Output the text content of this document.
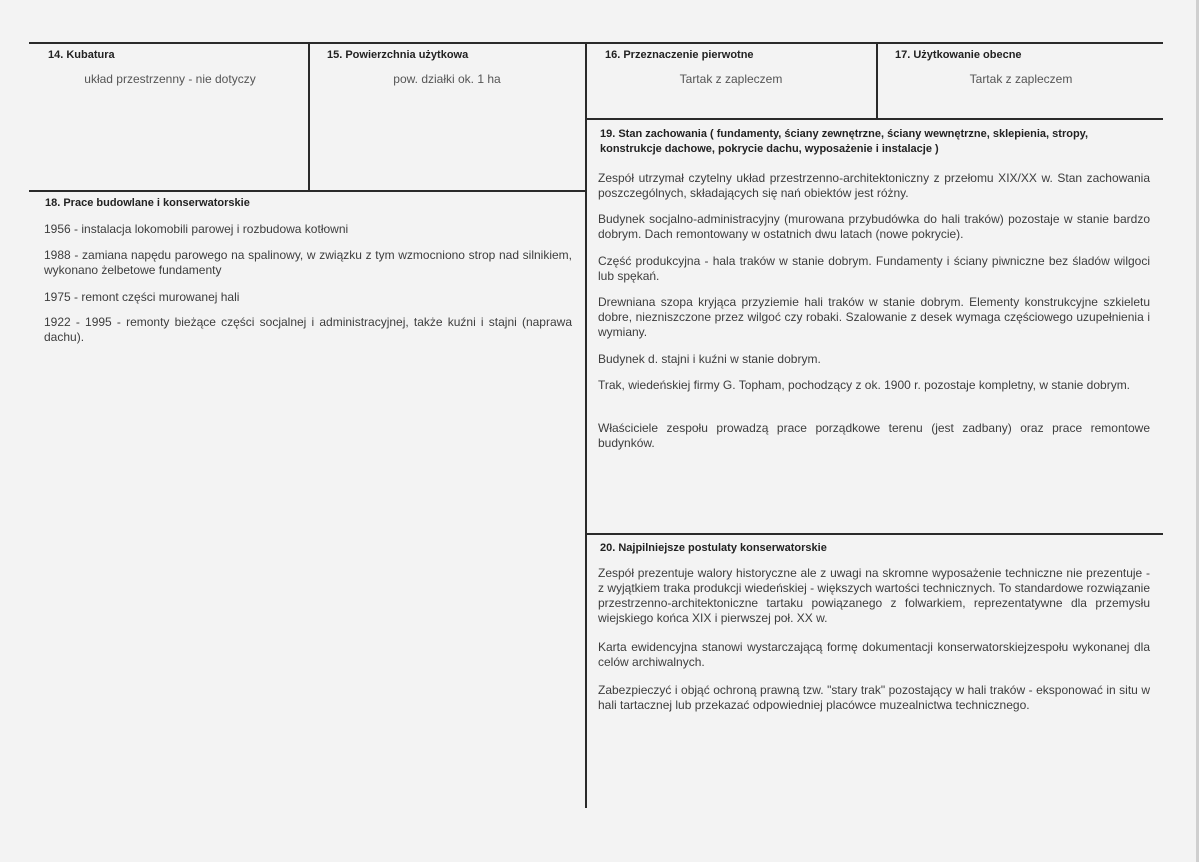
14. Kubatura
układ przestrzenny - nie dotyczy
15. Powierzchnia użytkowa
pow. działki ok. 1 ha
16. Przeznaczenie pierwotne
Tartak z zapleczem
17. Użytkowanie obecne
Tartak z zapleczem
18. Prace budowlane i konserwatorskie
1956 - instalacja lokomobili parowej i rozbudowa kotłowni
1988 - zamiana napędu parowego na spalinowy, w związku z tym wzmocniono strop nad silnikiem, wykonano żelbetowe fundamenty
1975 - remont części murowanej hali
1922 - 1995 - remonty bieżące części socjalnej i administracyjnej, także kuźni i stajni (naprawa dachu).
19. Stan zachowania ( fundamenty, ściany zewnętrzne, ściany wewnętrzne, sklepienia, stropy, konstrukcje dachowe, pokrycie dachu, wyposażenie i instalacje )
Zespół utrzymał czytelny układ przestrzenno-architektoniczny z przełomu XIX/XX w. Stan zachowania poszczególnych, składających się nań obiektów jest różny.
Budynek socjalno-administracyjny (murowana przybudówka do hali traków) pozostaje w stanie bardzo dobrym. Dach remontowany w ostatnich dwu latach (nowe pokrycie).
Część produkcyjna - hala traków w stanie dobrym. Fundamenty i ściany piwniczne bez śladów wilgoci lub spękań.
Drewniana szopa kryjąca przyziemie hali traków w stanie dobrym. Elementy konstrukcyjne szkieletu dobre, niezniszczone przez wilgoć czy robaki. Szalowanie z desek wymaga częściowego uzupełnienia i wymiany.
Budynek d. stajni i kuźni w stanie dobrym.
Trak, wiedeńskiej firmy G. Topham, pochodzący z ok. 1900 r. pozostaje kompletny, w stanie dobrym.
Właściciele zespołu prowadzą prace porządkowe terenu (jest zadbany) oraz prace remontowe budynków.
20. Najpilniejsze postulaty konserwatorskie
Zespół prezentuje walory historyczne ale z uwagi na skromne wyposażenie techniczne nie prezentuje - z wyjątkiem traka produkcji wiedeńskiej - większych wartości technicznych. To standardowe rozwiązanie przestrzenno-architektoniczne tartaku powiązanego z folwarkiem, reprezentatywne dla przemysłu wiejskiego końca XIX i pierwszej poł. XX w.
Karta ewidencyjna stanowi wystarczającą formę dokumentacji konserwatorskiejzespołu wykonanej dla celów archiwalnych.
Zabezpieczyć i objąć ochroną prawną tzw. "stary trak" pozostający w hali traków - eksponować in situ w hali tartacznej lub przekazać odpowiedniej placówce muzealnictwa technicznego.
